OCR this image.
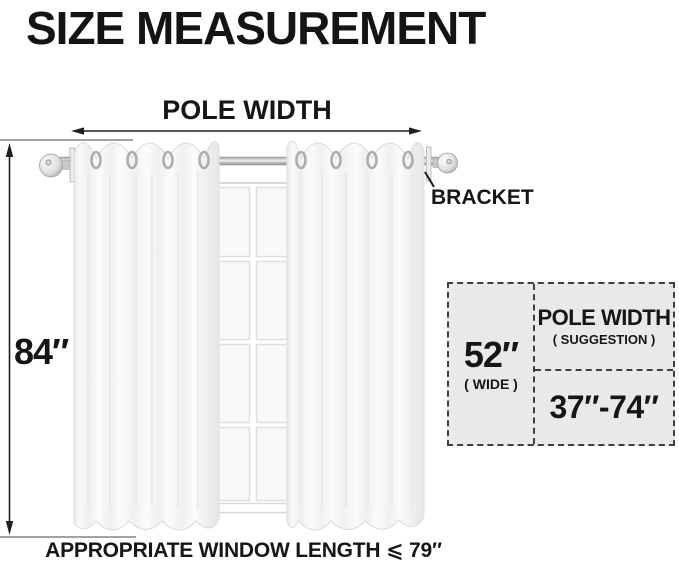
SIZE MEASUREMENT
POLE WIDTH
84″
BRACKET
APPROPRIATE WINDOW LENGTH ⩽ 79″
52″
( WIDE )
POLE WIDTH
( SUGGESTION )
37″-74″
